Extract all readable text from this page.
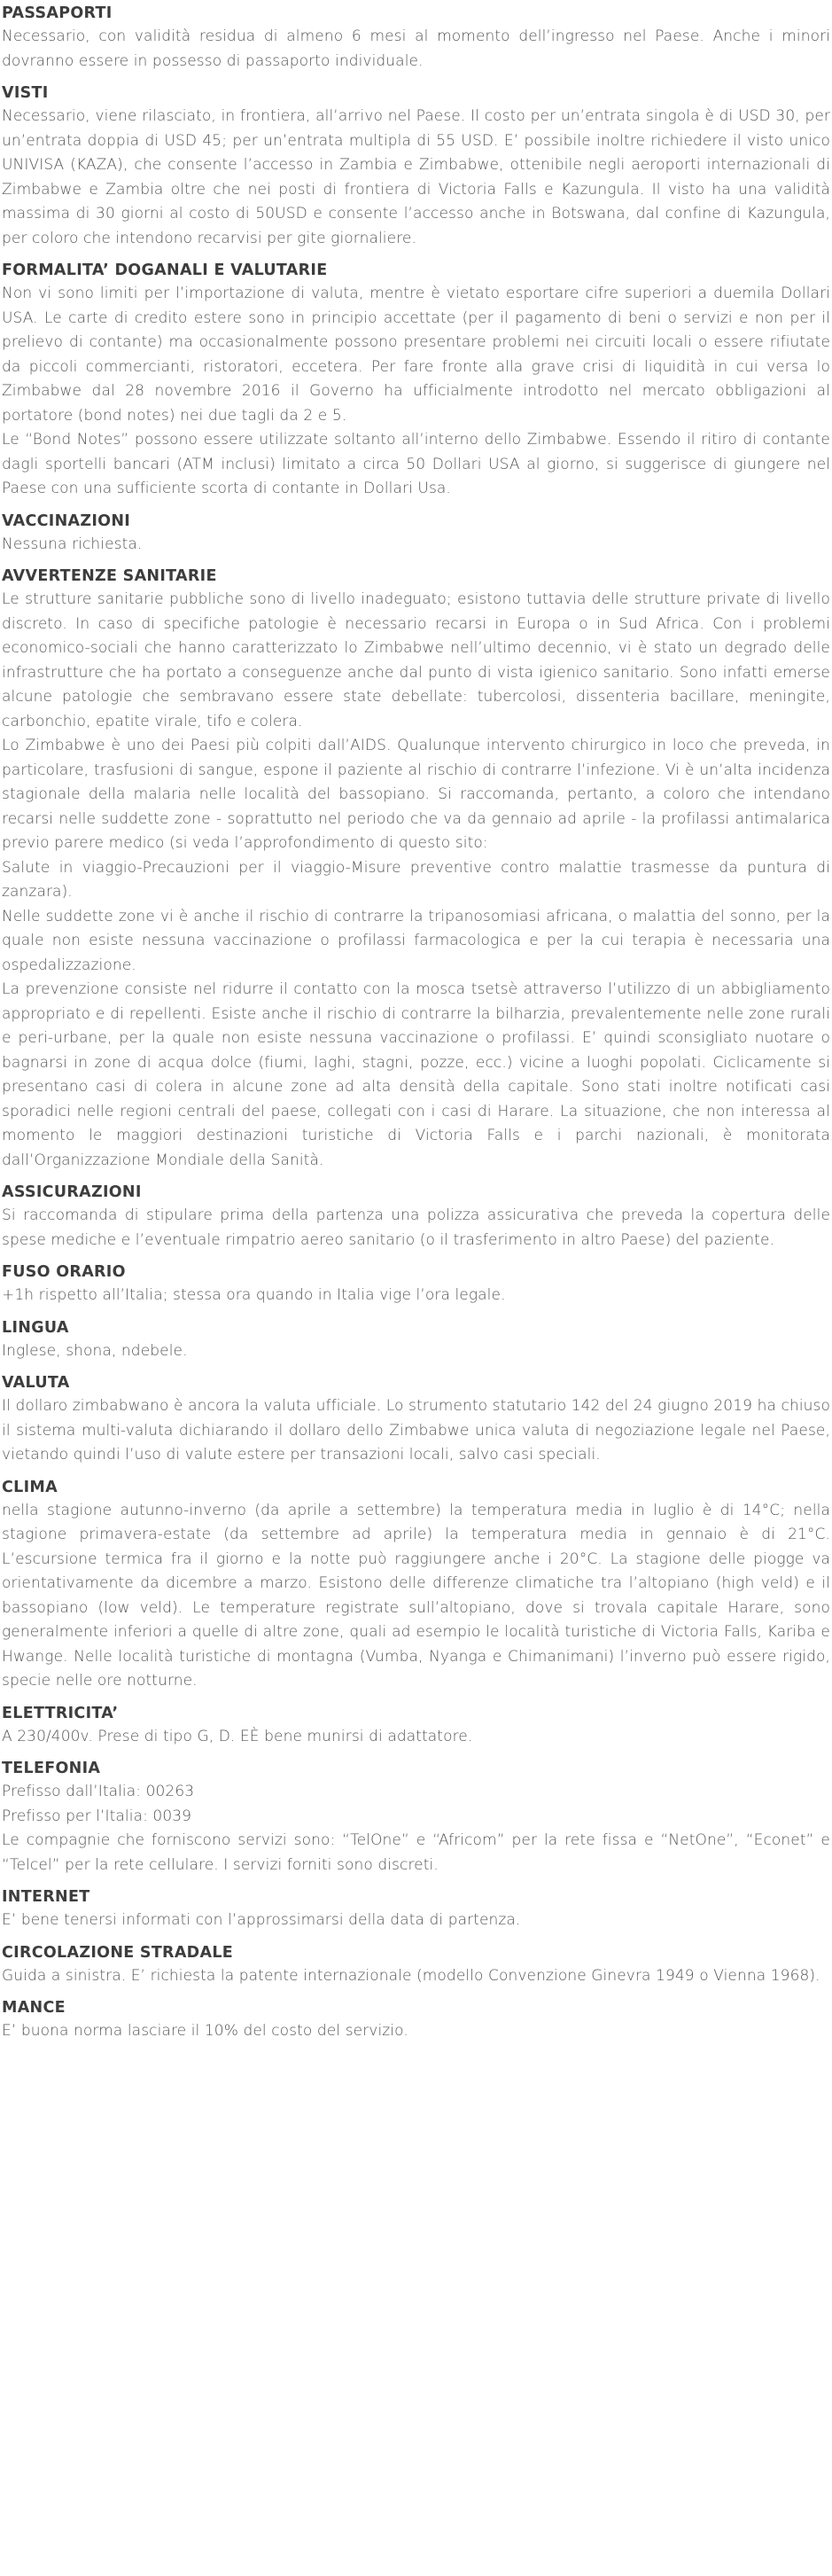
PASSAPORTI

Necessario, con validità residua di almeno 6 mesi al momento dell’ingresso nel Paese. Anche i minori dovranno essere in possesso di passaporto individuale.

VISTI

Necessario, viene rilasciato, in frontiera, all’arrivo nel Paese. Il costo per un’entrata singola è di USD 30, per un’entrata doppia di USD 45; per un’entrata multipla di 55 USD. E’ possibile inoltre richiedere il visto unico UNIVISA (KAZA), che consente l’accesso in Zambia e Zimbabwe, ottenibile negli aeroporti internazionali di Zimbabwe e Zambia oltre che nei posti di frontiera di Victoria Falls e Kazungula. Il visto ha una validità massima di 30 giorni al costo di 50USD e consente l’accesso anche in Botswana, dal confine di Kazungula, per coloro che intendono recarvisi per gite giornaliere.

FORMALITA’ DOGANALI E VALUTARIE

Non vi sono limiti per l’importazione di valuta, mentre è vietato esportare cifre superiori a duemila Dollari USA. Le carte di credito estere sono in principio accettate (per il pagamento di beni o servizi e non per il prelievo di contante) ma occasionalmente possono presentare problemi nei circuiti locali o essere rifiutate da piccoli commercianti, ristoratori, eccetera. Per fare fronte alla grave crisi di liquidità in cui versa lo Zimbabwe dal 28 novembre 2016 il Governo ha ufficialmente introdotto nel mercato obbligazioni al portatore (bond notes) nei due tagli da 2 e 5.

Le “Bond Notes” possono essere utilizzate soltanto all’interno dello Zimbabwe. Essendo il ritiro di contante dagli sportelli bancari (ATM inclusi) limitato a circa 50 Dollari USA al giorno, si suggerisce di giungere nel Paese con una sufficiente scorta di contante in Dollari Usa.

VACCINAZIONI

Nessuna richiesta.

AVVERTENZE SANITARIE

Le strutture sanitarie pubbliche sono di livello inadeguato; esistono tuttavia delle strutture private di livello discreto. In caso di specifiche patologie è necessario recarsi in Europa o in Sud Africa. Con i problemi economico-sociali che hanno caratterizzato lo Zimbabwe nell’ultimo decennio, vi è stato un degrado delle infrastrutture che ha portato a conseguenze anche dal punto di vista igienico sanitario. Sono infatti emerse alcune patologie che sembravano essere state debellate: tubercolosi, dissenteria bacillare, meningite, carbonchio, epatite virale, tifo e colera.

Lo Zimbabwe è uno dei Paesi più colpiti dall’AIDS. Qualunque intervento chirurgico in loco che preveda, in particolare, trasfusioni di sangue, espone il paziente al rischio di contrarre l’infezione. Vi è un’alta incidenza stagionale della malaria nelle località del bassopiano. Si raccomanda, pertanto, a coloro che intendano recarsi nelle suddette zone - soprattutto nel periodo che va da gennaio ad aprile - la profilassi antimalarica previo parere medico (si veda l’approfondimento di questo sito:

Salute in viaggio-Precauzioni per il viaggio-Misure preventive contro malattie trasmesse da puntura di zanzara).

Nelle suddette zone vi è anche il rischio di contrarre la tripanosomiasi africana, o malattia del sonno, per la quale non esiste nessuna vaccinazione o profilassi farmacologica e per la cui terapia è necessaria una ospedalizzazione.

La prevenzione consiste nel ridurre il contatto con la mosca tsetsè attraverso l’utilizzo di un abbigliamento appropriato e di repellenti. Esiste anche il rischio di contrarre la bilharzia, prevalentemente nelle zone rurali e peri-urbane, per la quale non esiste nessuna vaccinazione o profilassi. E’ quindi sconsigliato nuotare o bagnarsi in zone di acqua dolce (fiumi, laghi, stagni, pozze, ecc.) vicine a luoghi popolati. Ciclicamente si presentano casi di colera in alcune zone ad alta densità della capitale. Sono stati inoltre notificati casi sporadici nelle regioni centrali del paese, collegati con i casi di Harare. La situazione, che non interessa al momento le maggiori destinazioni turistiche di Victoria Falls e i parchi nazionali, è monitorata dall’Organizzazione Mondiale della Sanità.

ASSICURAZIONI

Si raccomanda di stipulare prima della partenza una polizza assicurativa che preveda la copertura delle spese mediche e l’eventuale rimpatrio aereo sanitario (o il trasferimento in altro Paese) del paziente.

FUSO ORARIO

+1h rispetto all’Italia; stessa ora quando in Italia vige l’ora legale.

LINGUA

Inglese, shona, ndebele.

VALUTA

Il dollaro zimbabwano è ancora la valuta ufficiale. Lo strumento statutario 142 del 24 giugno 2019 ha chiuso il sistema multi-valuta dichiarando il dollaro dello Zimbabwe unica valuta di negoziazione legale nel Paese, vietando quindi l’uso di valute estere per transazioni locali, salvo casi speciali.

CLIMA

nella stagione autunno-inverno (da aprile a settembre) la temperatura media in luglio è di 14°C; nella stagione primavera-estate (da settembre ad aprile) la temperatura media in gennaio è di 21°C. L’escursione termica fra il giorno e la notte può raggiungere anche i 20°C. La stagione delle piogge va orientativamente da dicembre a marzo. Esistono delle differenze climatiche tra l’altopiano (high veld) e il bassopiano (low veld). Le temperature registrate sull’altopiano, dove si trovala capitale Harare, sono generalmente inferiori a quelle di altre zone, quali ad esempio le località turistiche di Victoria Falls, Kariba e Hwange. Nelle località turistiche di montagna (Vumba, Nyanga e Chimanimani) l’inverno può essere rigido, specie nelle ore notturne.

ELETTRICITA’

A 230/400v. Prese di tipo G, D. EÈ bene munirsi di adattatore.

TELEFONIA

Prefisso dall’Italia: 00263

Prefisso per l’Italia: 0039

Le compagnie che forniscono servizi sono: “TelOne” e “Africom” per la rete fissa e “NetOne”, “Econet” e “Telcel” per la rete cellulare. I servizi forniti sono discreti.

INTERNET

E’ bene tenersi informati con l’approssimarsi della data di partenza.

CIRCOLAZIONE STRADALE

Guida a sinistra. E’ richiesta la patente internazionale (modello Convenzione Ginevra 1949 o Vienna 1968).

MANCE

E’ buona norma lasciare il 10% del costo del servizio.
